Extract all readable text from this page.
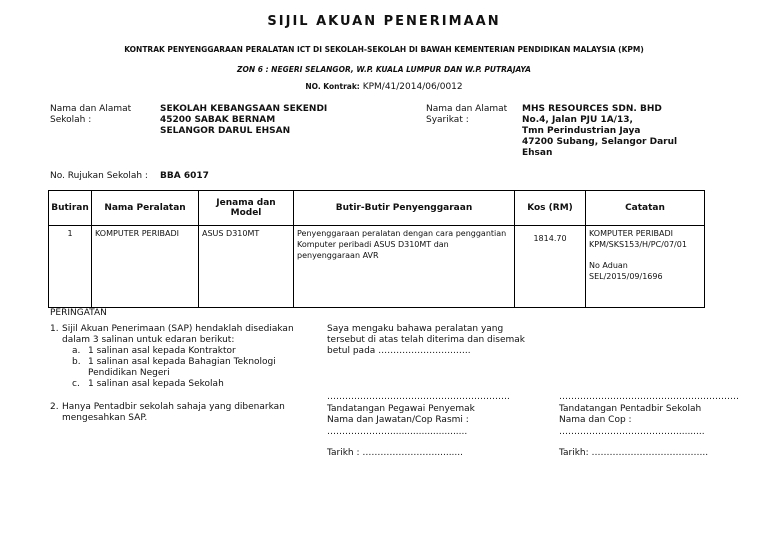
SIJIL AKUAN PENERIMAAN
KONTRAK PENYENGGARAAN PERALATAN ICT DI SEKOLAH-SEKOLAH DI BAWAH KEMENTERIAN PENDIDIKAN MALAYSIA (KPM)
ZON 6 : NEGERI SELANGOR, W.P. KUALA LUMPUR DAN W.P. PUTRAJAYA
NO. Kontrak: KPM/41/2014/06/0012
Nama dan Alamat
Sekolah :
SEKOLAH KEBANGSAAN SEKENDI
45200 SABAK BERNAM
SELANGOR DARUL EHSAN
Nama dan Alamat
Syarikat :
MHS RESOURCES SDN. BHD
No.4, Jalan PJU 1A/13,
Tmn Perindustrian Jaya
47200 Subang, Selangor Darul
Ehsan
No. Rujukan Sekolah : BBA 6017
Butiran	Nama Peralatan	Jenama dan Model	Butir-Butir Penyenggaraan	Kos (RM)	Catatan
1	KOMPUTER PERIBADI	ASUS D310MT	Penyenggaraan peralatan dengan cara penggantian Komputer peribadi ASUS D310MT dan penyenggaraan AVR	1814.70	KOMPUTER PERIBADI KPM/SKS153/H/PC/07/01
No Aduan SEL/2015/09/1696
PERINGATAN
1. Sijil Akuan Penerimaan (SAP) hendaklah disediakan dalam 3 salinan untuk edaran berikut:
a. 1 salinan asal kepada Kontraktor
b. 1 salinan asal kepada Bahagian Teknologi Pendidikan Negeri
c. 1 salinan asal kepada Sekolah
2. Hanya Pentadbir sekolah sahaja yang dibenarkan mengesahkan SAP.
Saya mengaku bahawa peralatan yang tersebut di atas telah diterima dan disemak betul pada ……………………..…..
…………………………………………………….
Tandatangan Pegawai Penyemak
Nama dan Jawatan/Cop Rasmi :
…………………...........................
Tarikh : ……………………..........
……………………………………………………
Tandatangan Pentadbir Sekolah
Nama dan Cop :
…………………………………..........
Tarikh: ………………………………...
